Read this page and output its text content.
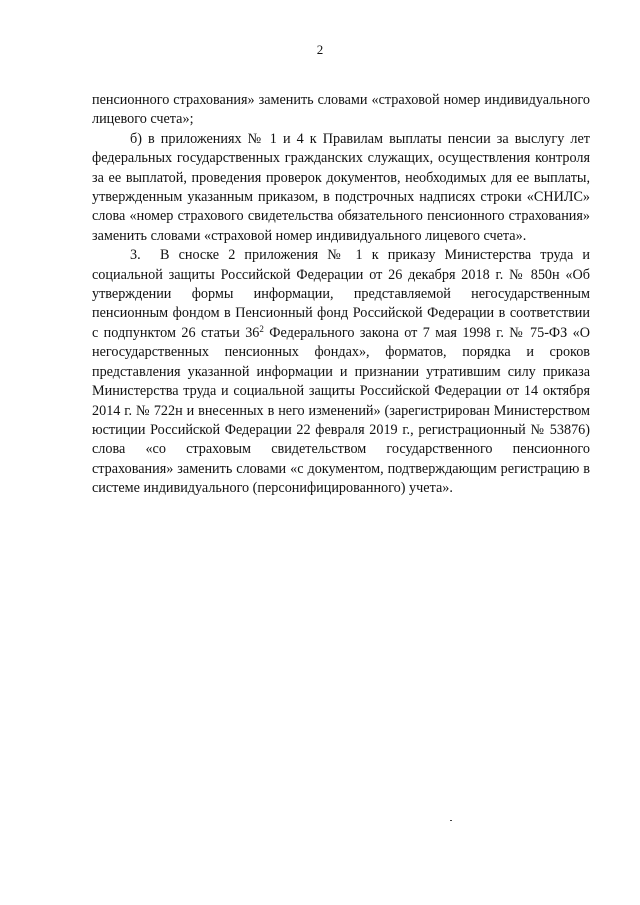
2

пенсионного страхования» заменить словами «страховой номер индивидуального лицевого счета»;

б) в приложениях № 1 и 4 к Правилам выплаты пенсии за выслугу лет федеральных государственных гражданских служащих, осуществления контроля за ее выплатой, проведения проверок документов, необходимых для ее выплаты, утвержденным указанным приказом, в подстрочных надписях строки «СНИЛС» слова «номер страхового свидетельства обязательного пенсионного страхования» заменить словами «страховой номер индивидуального лицевого счета».

3. В сноске 2 приложения № 1 к приказу Министерства труда и социальной защиты Российской Федерации от 26 декабря 2018 г. № 850н «Об утверждении формы информации, представляемой негосударственным пенсионным фондом в Пенсионный фонд Российской Федерации в соответствии с подпунктом 26 статьи $36^2$ Федерального закона от 7 мая 1998 г. № 75-ФЗ «О негосударственных пенсионных фондах», форматов, порядка и сроков представления указанной информации и признании утратившим силу приказа Министерства труда и социальной защиты Российской Федерации от 14 октября 2014 г. № 722н и внесенных в него изменений» (зарегистрирован Министерством юстиции Российской Федерации 22 февраля 2019 г., регистрационный № 53876) слова «со страховым свидетельством государственного пенсионного страхования» заменить словами «с документом, подтверждающим регистрацию в системе индивидуального (персонифицированного) учета».
